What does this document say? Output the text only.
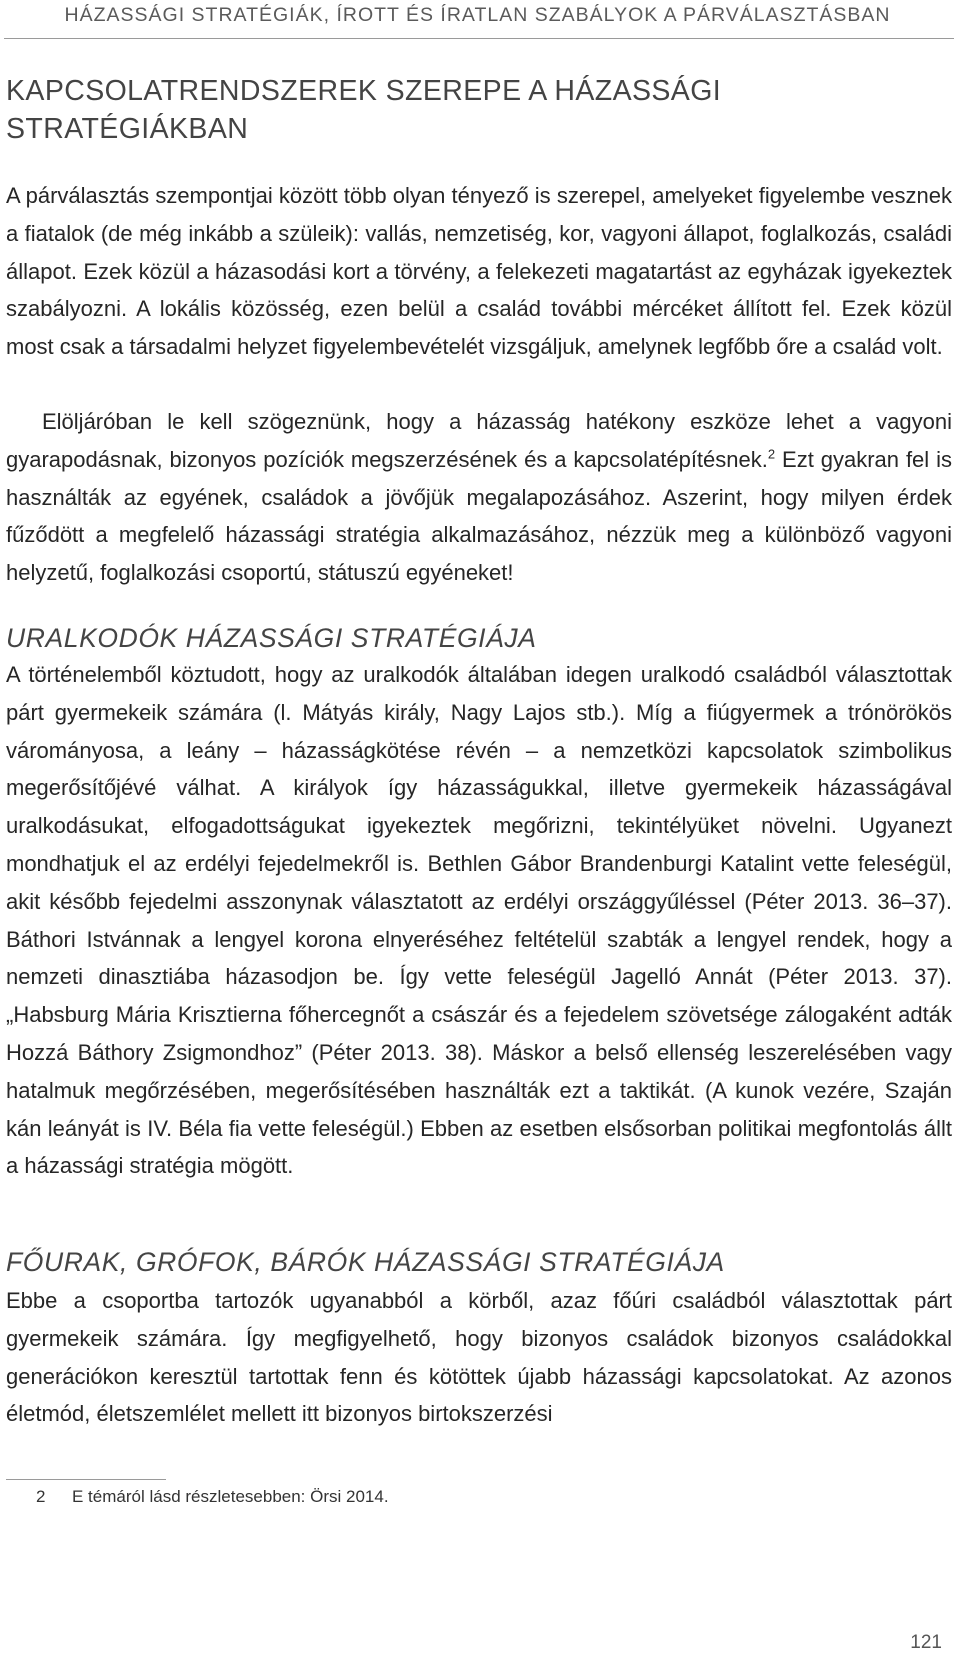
HÁZASSÁGI STRATÉGIÁK, ÍROTT ÉS ÍRATLAN SZABÁLYOK A PÁRVÁLASZTÁSBAN
KAPCSOLATRENDSZEREK SZEREPE A HÁZASSÁGI STRATÉGIÁKBAN

A párválasztás szempontjai között több olyan tényező is szerepel, amelyeket figyelembe vesznek a fiatalok (de még inkább a szüleik): vallás, nemzetiség, kor, vagyoni állapot, foglalkozás, családi állapot. Ezek közül a házasodási kort a törvény, a felekezeti magatartást az egyházak igyekeztek szabályozni. A lokális közösség, ezen belül a család további mércéket állított fel. Ezek közül most csak a társadalmi helyzet figyelembevételét vizsgáljuk, amelynek legfőbb őre a család volt.

Elöljáróban le kell szögeznünk, hogy a házasság hatékony eszköze lehet a vagyoni gyarapodásnak, bizonyos pozíciók megszerzésének és a kapcsolatépítésnek.$^2$ Ezt gyakran fel is használták az egyének, családok a jövőjük megalapozásához. Aszerint, hogy milyen érdek fűződött a megfelelő házassági stratégia alkalmazásához, nézzük meg a különböző vagyoni helyzetű, foglalkozási csoportú, státuszú egyéneket!

URALKODÓK HÁZASSÁGI STRATÉGIÁJA

A történelemből köztudott, hogy az uralkodók általában idegen uralkodó családból választottak párt gyermekeik számára (l. Mátyás király, Nagy Lajos stb.). Míg a fiúgyermek a trónörökös várományosa, a leány – házasságkötése révén – a nemzetközi kapcsolatok szimbolikus megerősítőjévé válhat. A királyok így házasságukkal, illetve gyermekeik házasságával uralkodásukat, elfogadottságukat igyekeztek megőrizni, tekintélyüket növelni. Ugyanezt mondhatjuk el az erdélyi fejedelmekről is. Bethlen Gábor Brandenburgi Katalint vette feleségül, akit később fejedelmi asszonynak választatott az erdélyi országgyűléssel (Péter 2013. 36–37). Báthori Istvánnak a lengyel korona elnyeréséhez feltételül szabták a lengyel rendek, hogy a nemzeti dinasztiába házasodjon be. Így vette feleségül Jagelló Annát (Péter 2013. 37). „Habsburg Mária Krisztierna főhercegnőt a császár és a fejedelem szövetsége zálogaként adták Hozzá Báthory Zsigmondhoz” (Péter 2013. 38). Máskor a belső ellenség leszerelésében vagy hatalmuk megőrzésében, megerősítésében használták ezt a taktikát. (A kunok vezére, Szaján kán leányát is IV. Béla fia vette feleségül.) Ebben az esetben elsősorban politikai megfontolás állt a házassági stratégia mögött.

FŐURAK, GRÓFOK, BÁRÓK HÁZASSÁGI STRATÉGIÁJA

Ebbe a csoportba tartozók ugyanabból a körből, azaz főúri családból választottak párt gyermekeik számára. Így megfigyelhető, hogy bizonyos családok bizonyos családokkal generációkon keresztül tartottak fenn és kötöttek újabb házassági kapcsolatokat. Az azonos életmód, életszemlélet mellett itt bizonyos birtokszerzési

2 E témáról lásd részletesebben: Örsi 2014.
121
